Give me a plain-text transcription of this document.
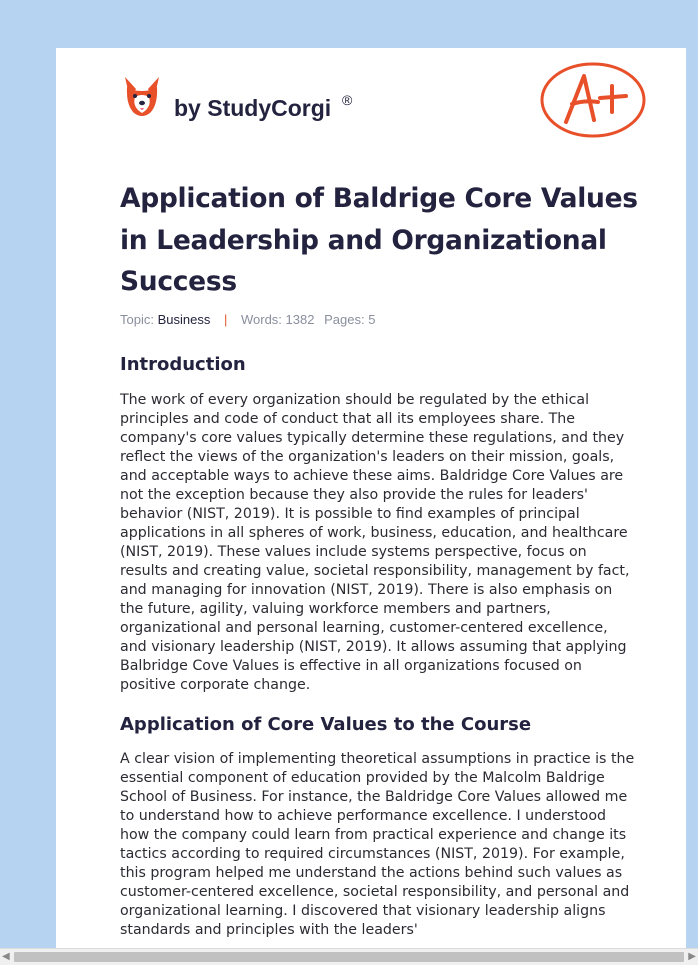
by StudyCorgi ®
Application of Baldrige Core Values in Leadership and Organizational Success
Topic: Business | Words: 1382 Pages: 5
Introduction

The work of every organization should be regulated by the ethical principles and code of conduct that all its employees share. The company's core values typically determine these regulations, and they reflect the views of the organization's leaders on their mission, goals, and acceptable ways to achieve these aims. Baldridge Core Values are not the exception because they also provide the rules for leaders' behavior (NIST, 2019). It is possible to find examples of principal applications in all spheres of work, business, education, and healthcare (NIST, 2019). These values include systems perspective, focus on results and creating value, societal responsibility, management by fact, and managing for innovation (NIST, 2019). There is also emphasis on the future, agility, valuing workforce members and partners, organizational and personal learning, customer-centered excellence, and visionary leadership (NIST, 2019). It allows assuming that applying Balbridge Cove Values is effective in all organizations focused on positive corporate change.

Application of Core Values to the Course

A clear vision of implementing theoretical assumptions in practice is the essential component of education provided by the Malcolm Baldrige School of Business. For instance, the Baldridge Core Values allowed me to understand how to achieve performance excellence. I understood how the company could learn from practical experience and change its tactics according to required circumstances (NIST, 2019). For example, this program helped me understand the actions behind such values as customer-centered excellence, societal responsibility, and personal and organizational learning. I discovered that visionary leadership aligns standards and principles with the leaders'

◀	▶
